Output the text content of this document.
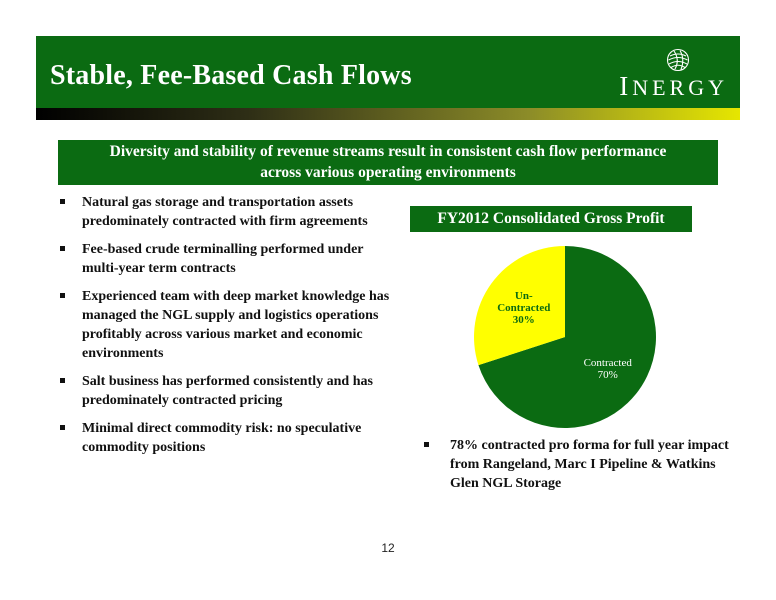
Stable, Fee-Based Cash Flows	INERGY
Diversity and stability of revenue streams result in consistent cash flow performance
across various operating environments
Natural gas storage and transportation assets predominately contracted with firm agreements
Fee-based crude terminalling performed under multi-year term contracts
Experienced team with deep market knowledge has managed the NGL supply and logistics operations profitably across various market and economic environments
Salt business has performed consistently and has predominately contracted pricing
Minimal direct commodity risk: no speculative commodity positions
FY2012 Consolidated Gross Profit
Contracted 70%
Un-Contracted 30%
78% contracted pro forma for full year impact from Rangeland, Marc I Pipeline & Watkins Glen NGL Storage
12
